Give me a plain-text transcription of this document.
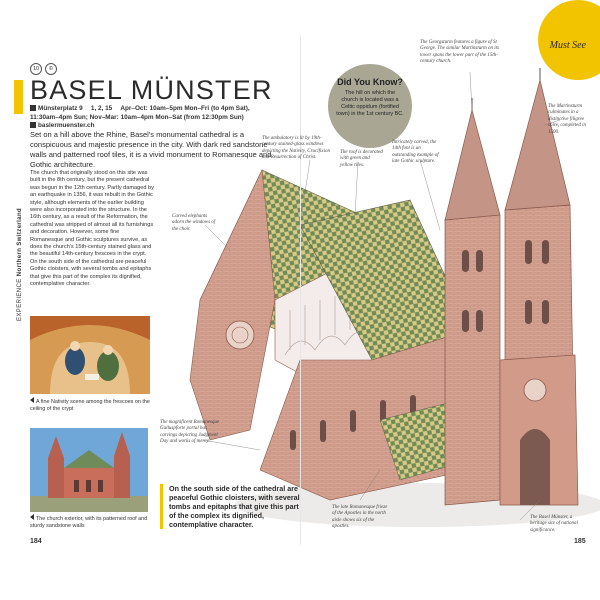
Must See
EXPERIENCE Northern Switzerland
10	©
BASEL MÜNSTER
Münsterplatz 9  1, 2, 15  Apr–Oct: 10am–5pm Mon–Fri (to 4pm Sat),
11:30am–4pm Sun; Nov–Mar: 10am–4pm Mon–Sat (from 12:30pm Sun)
baslermuenster.ch
Set on a hill above the Rhine, Basel's monumental cathedral is a conspicuous and majestic presence in the city. With dark red sandstone walls and patterned roof tiles, it is a vivid monument to Romanesque and Gothic architecture.
The church that originally stood on this site was built in the 8th century, but the present cathedral was begun in the 12th century. Partly damaged by an earthquake in 1356, it was rebuilt in the Gothic style, although elements of the earlier building were also incorporated into the structure. In the 16th century, as a result of the Reformation, the cathedral was stripped of almost all its furnishings and decoration. However, some fine Romanesque and Gothic sculptures survive, as does the church's 15th-century stained glass and the beautiful 14th-century frescoes in the crypt. On the south side of the cathedral are peaceful Gothic cloisters, with several tombs and epitaphs that give this part of the complex its dignified, contemplative character.
A fine Nativity scene among the frescoes on the ceiling of the crypt
The church exterior, with its patterned roof and sturdy sandstone walls
On the south side of the cathedral are peaceful Gothic cloisters, with several tombs and epitaphs that give this part of the complex its dignified, contemplative character.
Did You Know?

The hill on which the church is located was a Celtic oppidum (fortified town) in the 1st century BC.

The Georgsturm features a figure of St George. The similar Martinsturm on its tower spans the lower part of the 15th-century church.
The Martinsturm culminates in a distinctive filigree spire, completed in 1500.
The ambulatory is lit by 19th-century stained-glass windows depicting the Nativity, Crucifixion and Resurrection of Christ.
The roof is decorated with green and yellow tiles.
Intricately carved, the 14th font is an outstanding example of late Gothic sculpture.
Carved elephants adorn the windows of the choir.
The magnificent Romanesque Galluspforte portal has carvings depicting Judgment Day and works of mercy.
The late Romanesque frieze of the Apostles in the north aisle shows six of the apostles.
The Basel Münster, a heritage site of national significance.
184	185
